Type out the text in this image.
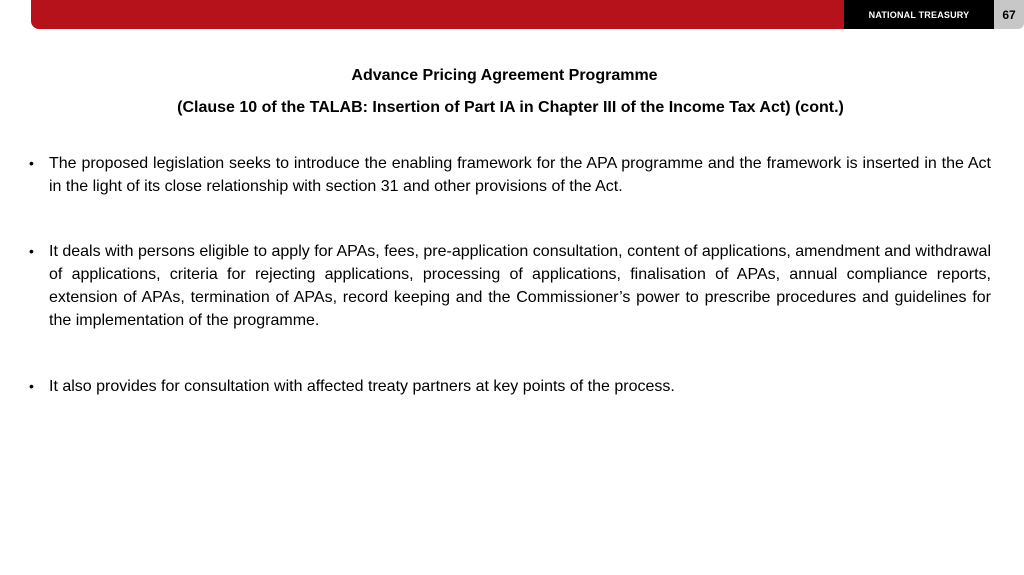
NATIONAL TREASURY	67
Advance Pricing Agreement Programme
(Clause 10 of the TALAB: Insertion of Part IA in Chapter III of the Income Tax Act) (cont.)
• The proposed legislation seeks to introduce the enabling framework for the APA programme and the framework is inserted in the Act in the light of its close relationship with section 31 and other provisions of the Act.
• It deals with persons eligible to apply for APAs, fees, pre-application consultation, content of applications, amendment and withdrawal of applications, criteria for rejecting applications, processing of applications, finalisation of APAs, annual compliance reports, extension of APAs, termination of APAs, record keeping and the Commissioner’s power to prescribe procedures and guidelines for the implementation of the programme.
• It also provides for consultation with affected treaty partners at key points of the process.
